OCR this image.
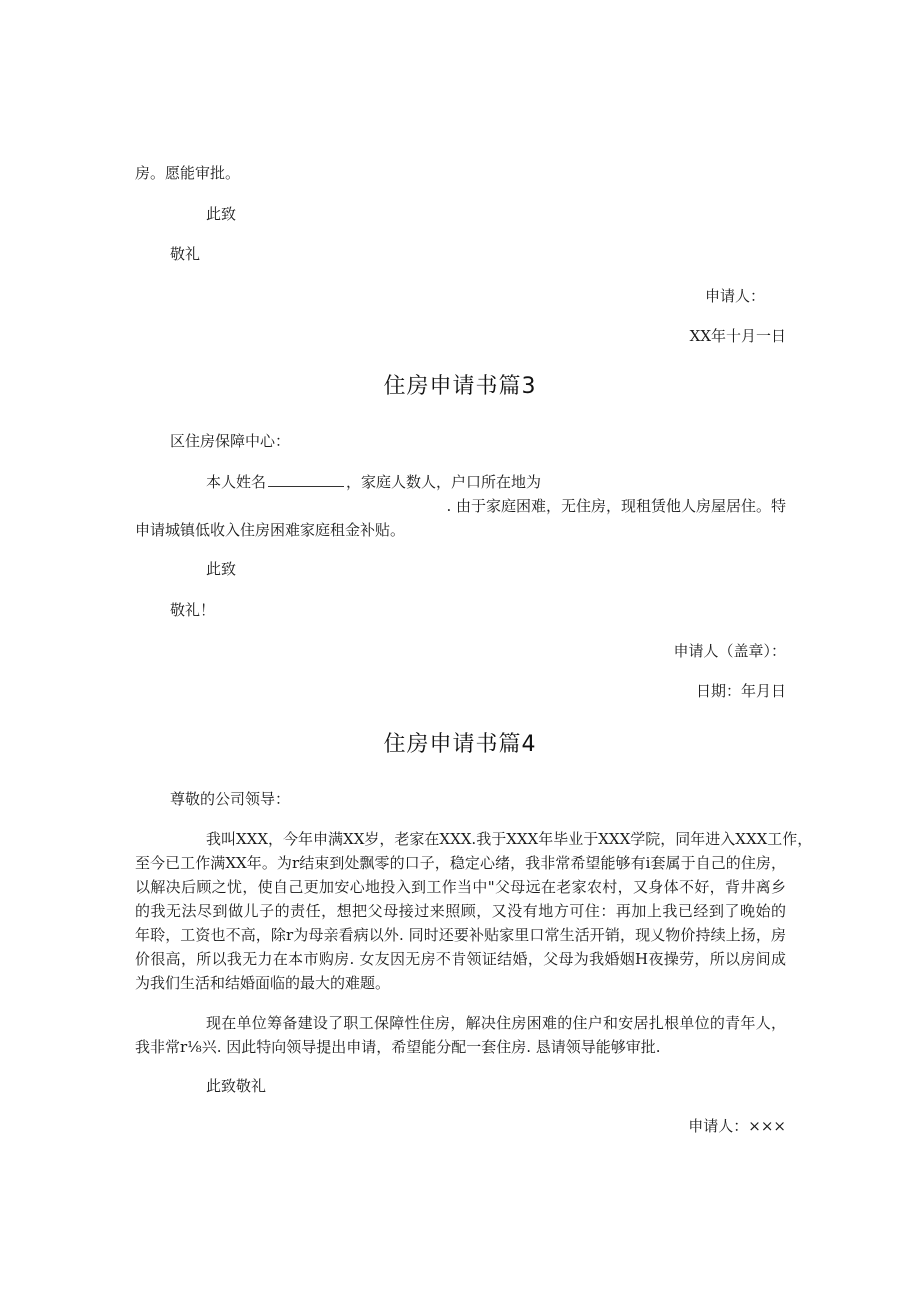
房。愿能审批。
此致
敬礼
申请人：
XX年十月一日
住房申请书篇3
区住房保障中心：
本人姓名	，家庭人数人，户口所在地为
. 由于家庭困难，无住房，现租赁他人房屋居住。特
申请城镇低收入住房困难家庭租金补贴。
此致
敬礼！
申请人（盖章）：
日期：年月日
住房申请书篇4
尊敬的公司领导：
我叫XXX，今年申满XX岁，老家在XXX.我于XXX年毕业于XXX学院，同年进入XXX工作，
至今已工作满XX年。为r结束到处飘零的口子，稳定心绪，我非常希望能够有i套属于自己的住房，
以解决后顾之忧，使自己更加安心地投入到工作当中"父母远在老家农村，又身体不好，背井离乡
的我无法尽到做儿子的责任，想把父母接过来照顾，又没有地方可住：再加上我已经到了晚始的
年聆，工资也不高，除r为母亲看病以外. 同时还要补贴家里口常生活开销，现乂物价持续上扬，房
价很高，所以我无力在本市购房. 女友因无房不肯领证结婚，父母为我婚姻H夜操劳，所以房间成
为我们生活和结婚面临的最大的难题。
现在单位筹备建设了职工保障性住房，解决住房困难的住户和安居扎根单位的青年人，
我非常r⅛兴. 因此特向领导提出申请，希望能分配一套住房. 恳请领导能够审批.
此致敬礼
申请人：×××
